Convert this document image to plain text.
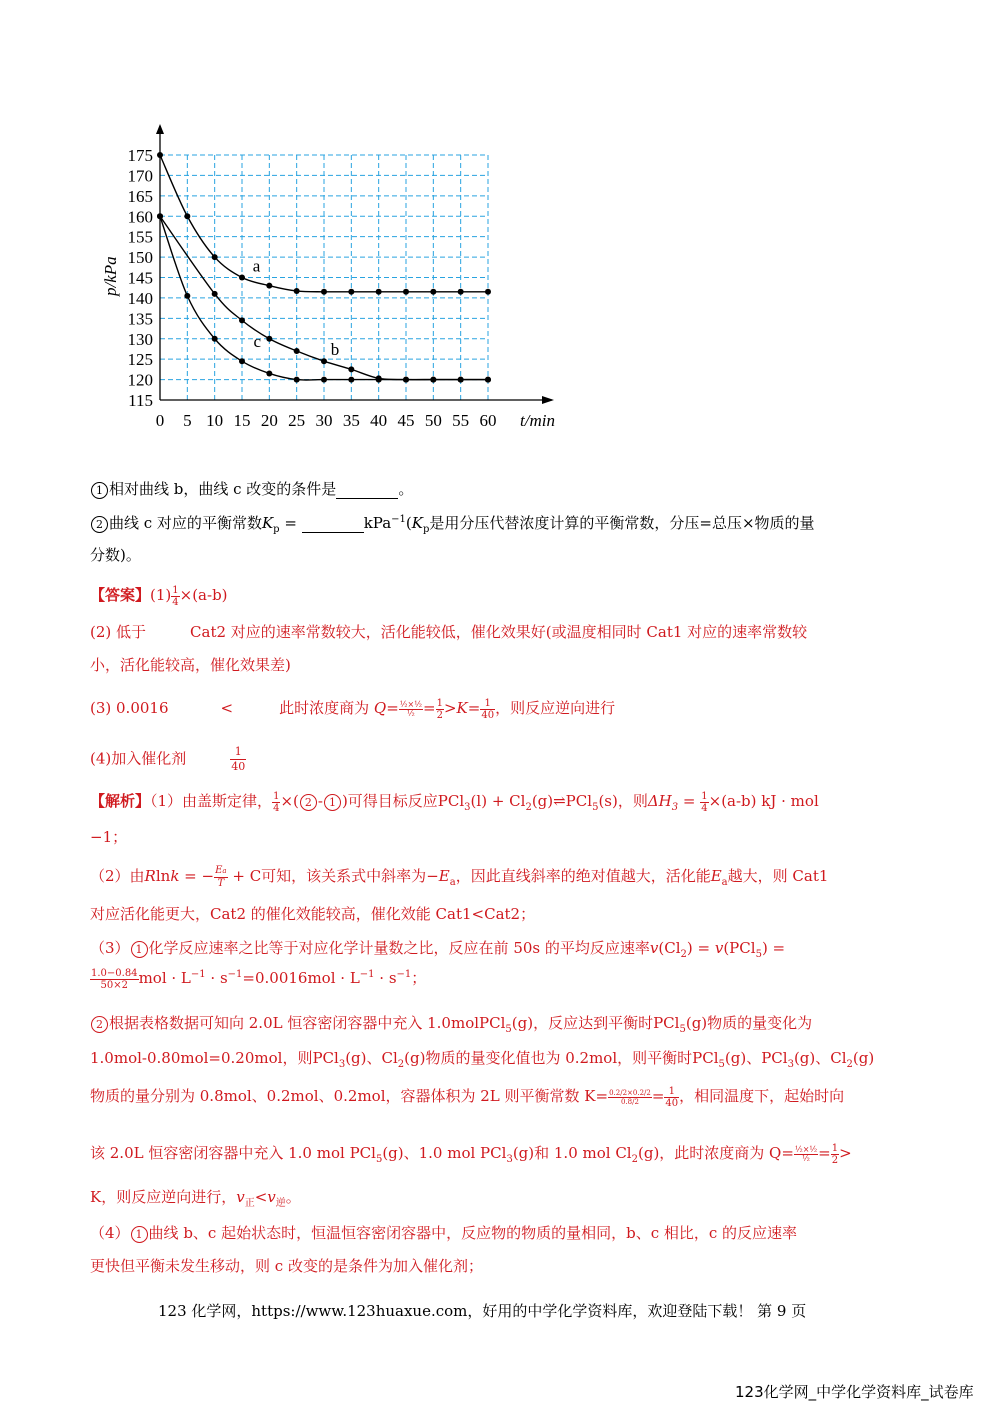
175
170
165
160
155
150
145
140
135
130
125
120
115
0 5 10 15 20 25 30 35 40 45 50 55 60 t/min
p/kPa	a
b
c
1 相对曲线 b，曲线 c 改变的条件是	。
2 曲线 c 对应的平衡常数$K_p$ =	$kPa^{-1}(K_p$是用分压代替浓度计算的平衡常数，分压=总压×物质的量
分数)。
【答案】$(1) \frac{1}{4} \times(a-b)$
(2) 低于	Cat2 对应的速率常数较大，活化能较低，催化效果好(或温度相同时 Cat1 对应的速率常数较
小，活化能较高，催化效果差)
(3) 0.0016	<	此时浓度商为 $Q= \frac{\text{½×½}}{\text{½}} = \frac{1}{2} >K= \frac{1}{40}$ ，则反应逆向进行
(4)加入催化剂	$\frac{1}{40}$
【解析】（1）由盖斯定律， $\frac{1}{4}$ ×( 2 - 1 )可得目标反应$PCl_3(l) + Cl_2(g)\rightleftharpoons PCl_5(s)$，则$\Delta H_3 = \frac{1}{4} \times(a-b)$ kJ · mol
−1；
（2）由Rlnk = − $\frac{Ea}{T} + C$可知，该关系式中斜率为$-E_a$，因此直线斜率的绝对值越大，活化能$E_a$越大，则 Cat1
对应活化能更大，Cat2 的催化效能较高，催化效能 Cat1<Cat2；
（3） 1 化学反应速率之比等于对应化学计量数之比，反应在前 50s 的平均反应速率$v(Cl_2) = v(PCl_5)$ =
$\frac{1.0-0.84}{50\times 2}$ mol · $L^{-1} \cdot s^{-1}=0.0016mol \cdot L^{-1} \cdot s^{-1}$；
2 根据表格数据可知向 2.0L 恒容密闭容器中充入 1.0molPCl$_5$(g)，反应达到平衡时PCl$_5$(g)物质的量变化为
1.0mol-0.80mol=0.20mol，则PCl$_3$(g)、$Cl_2(g)$物质的量变化值也为 0.2mol，则平衡时PCl$_5$(g)、PCl$_3$(g)、$Cl_2(g)$
物质的量分别为 0.8mol、0.2mol、0.2mol，容器体积为 2L 则平衡常数 $K= \frac{0.2/2\times 0.2/2}{0.8/2} = \frac{1}{40}$ ，相同温度下，起始时向
该 2.0L 恒容密闭容器中充入 1.0 mol PCl$_5$(g)、1.0 mol PCl$_3$(g)和 1.0 mol $Cl_2(g)$，此时浓度商为 $Q= \frac{\text{½×½}}{\text{½}} = \frac{1}{2}$ >
K，则反应逆向进行，$v_正<v_逆$。
（4） 1 曲线 b、c 起始状态时，恒温恒容密闭容器中，反应物的物质的量相同，b、c 相比，c 的反应速率
更快但平衡未发生移动，则 c 改变的是条件为加入催化剂；
123 化学网，https://www.123huaxue.com，好用的中学化学资料库，欢迎登陆下载！ 第 9 页
123化学网_中学化学资料库_试卷库
